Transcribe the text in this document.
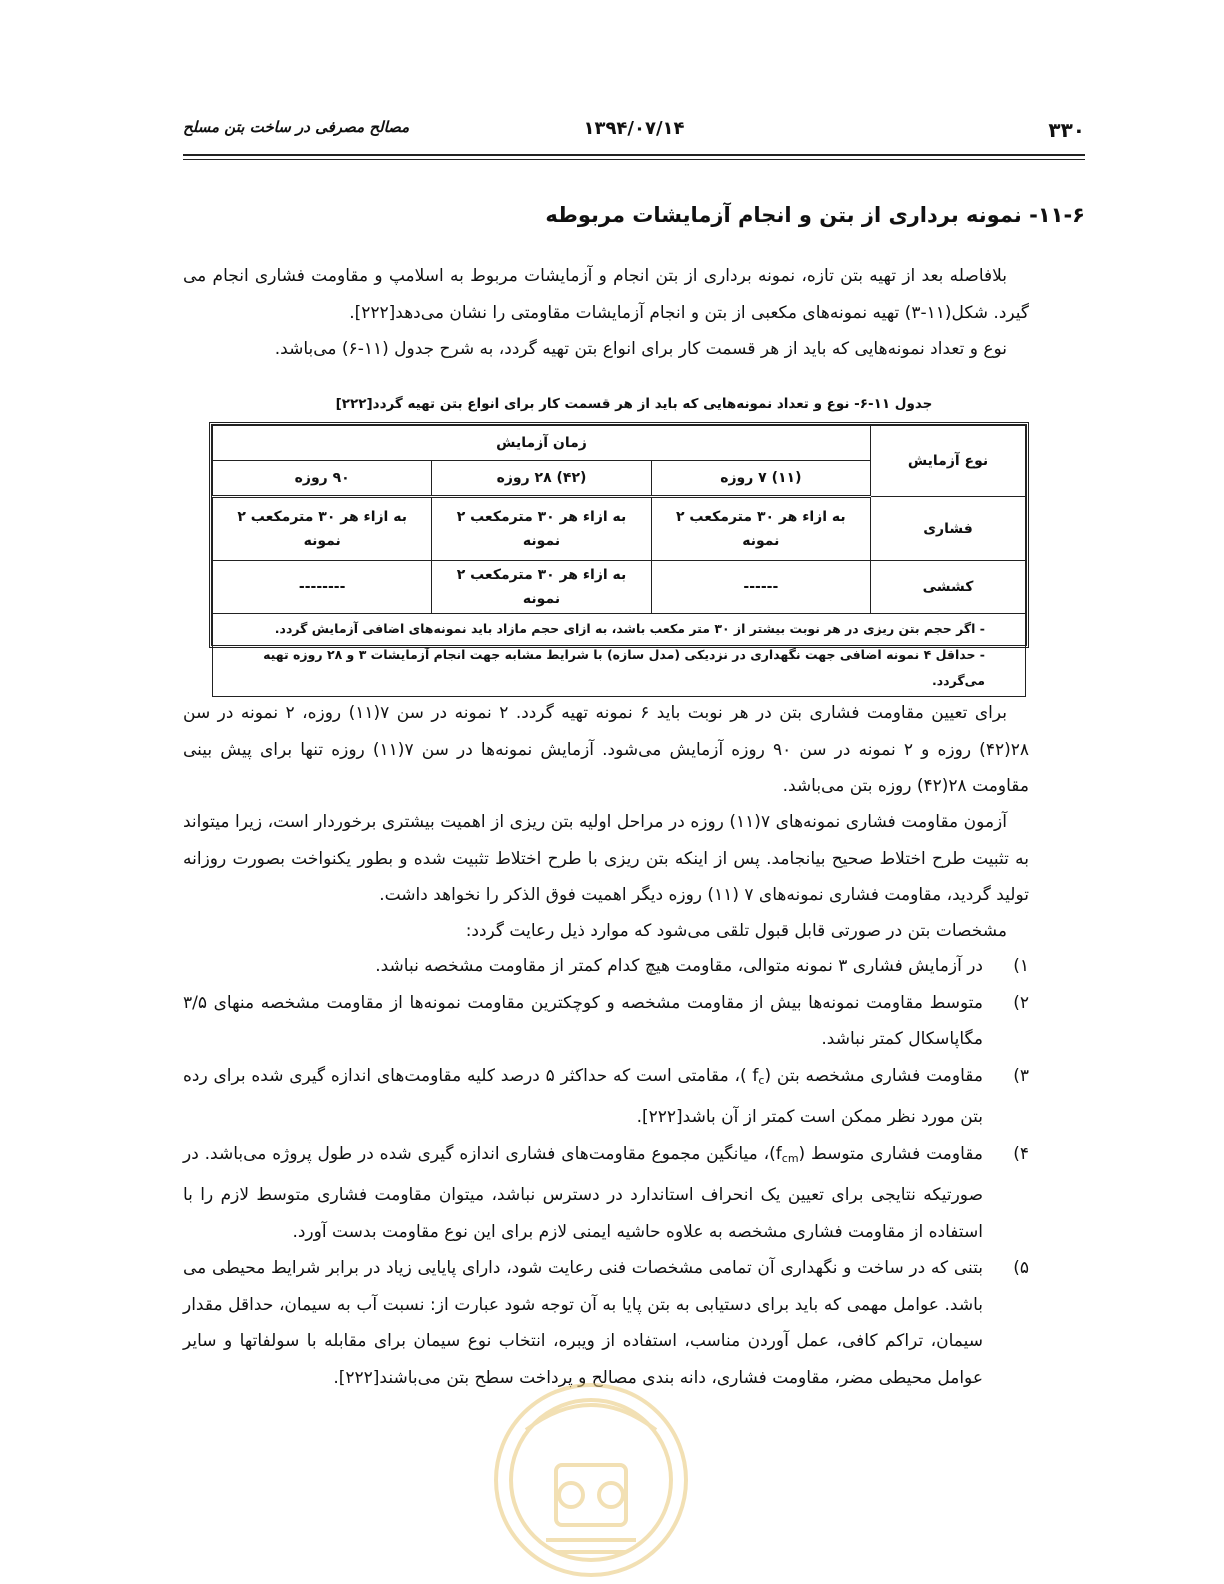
۳۳۰
۱۳۹۴/۰۷/۱۴
مصالح مصرفی در ساخت بتن مسلح
۱۱-۶- نمونه برداری از بتن و انجام آزمایشات مربوطه
بلافاصله بعد از تهیه بتن تازه، نمونه برداری از بتن انجام و آزمایشات مربوط به اسلامپ و مقاومت فشاری انجام می گیرد. شکل(۱۱-۳) تهیه نمونه‌های مکعبی از بتن و انجام آزمایشات مقاومتی را نشان می‌دهد[۲۲۲].
نوع و تعداد نمونه‌هایی که باید از هر قسمت کار برای انواع بتن تهیه گردد، به شرح جدول (۱۱-۶) می‌باشد.
جدول ۱۱-۶- نوع و تعداد نمونه‌هایی که باید از هر قسمت کار برای انواع بتن تهیه گردد[۲۲۲]
نوع آزمایش	زمان آزمایش		
	(۱۱) ۷ روزه	(۴۲) ۲۸ روزه	۹۰ روزه
فشاری	به ازاء هر ۳۰ مترمکعب ۲ نمونه	به ازاء هر ۳۰ مترمکعب ۲ نمونه	به ازاء هر ۳۰ مترمکعب ۲ نمونه
کششی	------	به ازاء هر ۳۰ مترمکعب ۲ نمونه	--------

- اگر حجم بتن ریزی در هر نوبت بیشتر از ۳۰ متر مکعب باشد، به ازای حجم مازاد باید نمونه‌های اضافی آزمایش گردد.
- حداقل ۴ نمونه اضافی جهت نگهداری در نزدیکی (مدل سازه) با شرایط مشابه جهت انجام آزمایشات ۳ و ۲۸ روزه تهیه می‌گردد.			
برای تعیین مقاومت فشاری بتن در هر نوبت باید ۶ نمونه تهیه گردد. ۲ نمونه در سن ۷(۱۱) روزه، ۲ نمونه در سن ۲۸(۴۲) روزه و ۲ نمونه در سن ۹۰ روزه آزمایش می‌شود. آزمایش نمونه‌ها در سن ۷(۱۱) روزه تنها برای پیش بینی مقاومت ۲۸(۴۲) روزه بتن می‌باشد.
آزمون مقاومت فشاری نمونه‌های ۷(۱۱) روزه در مراحل اولیه بتن ریزی از اهمیت بیشتری برخوردار است، زیرا میتواند به تثبیت طرح اختلاط صحیح بیانجامد. پس از اینکه بتن ریزی با طرح اختلاط تثبیت شده و بطور یکنواخت بصورت روزانه تولید گردید، مقاومت فشاری نمونه‌های ۷ (۱۱) روزه دیگر اهمیت فوق الذکر را نخواهد داشت.
مشخصات بتن در صورتی قابل قبول تلقی می‌شود که موارد ذیل رعایت گردد:
۱)
در آزمایش فشاری ۳ نمونه متوالی، مقاومت هیچ کدام کمتر از مقاومت مشخصه نباشد.
۲)
متوسط مقاومت نمونه‌ها بیش از مقاومت مشخصه و کوچکترین مقاومت نمونه‌ها از مقاومت مشخصه منهای ۳/۵ مگاپاسکال کمتر نباشد.
۳)
مقاومت فشاری مشخصه بتن ($f_c$ )، مقامتی است که حداکثر ۵ درصد کلیه مقاومت‌های اندازه گیری شده برای رده بتن مورد نظر ممکن است کمتر از آن باشد[۲۲۲].
۴)
مقاومت فشاری متوسط $(f_{cm})،$ میانگین مجموع مقاومت‌های فشاری اندازه گیری شده در طول پروژه می‌باشد. در صورتیکه نتایجی برای تعیین یک انحراف استاندارد در دسترس نباشد، میتوان مقاومت فشاری متوسط لازم را با استفاده از مقاومت فشاری مشخصه به علاوه حاشیه ایمنی لازم برای این نوع مقاومت بدست آورد.
۵)
بتنی که در ساخت و نگهداری آن تمامی مشخصات فنی رعایت شود، دارای پایایی زیاد در برابر شرایط محیطی می باشد. عوامل مهمی که باید برای دستیابی به بتن پایا به آن توجه شود عبارت از: نسبت آب به سیمان، حداقل مقدار سیمان، تراکم کافی، عمل آوردن مناسب، استفاده از ویبره، انتخاب نوع سیمان برای مقابله با سولفاتها و سایر عوامل محیطی مضر، مقاومت فشاری، دانه بندی مصالح و پرداخت سطح بتن می‌باشند[۲۲۲].
